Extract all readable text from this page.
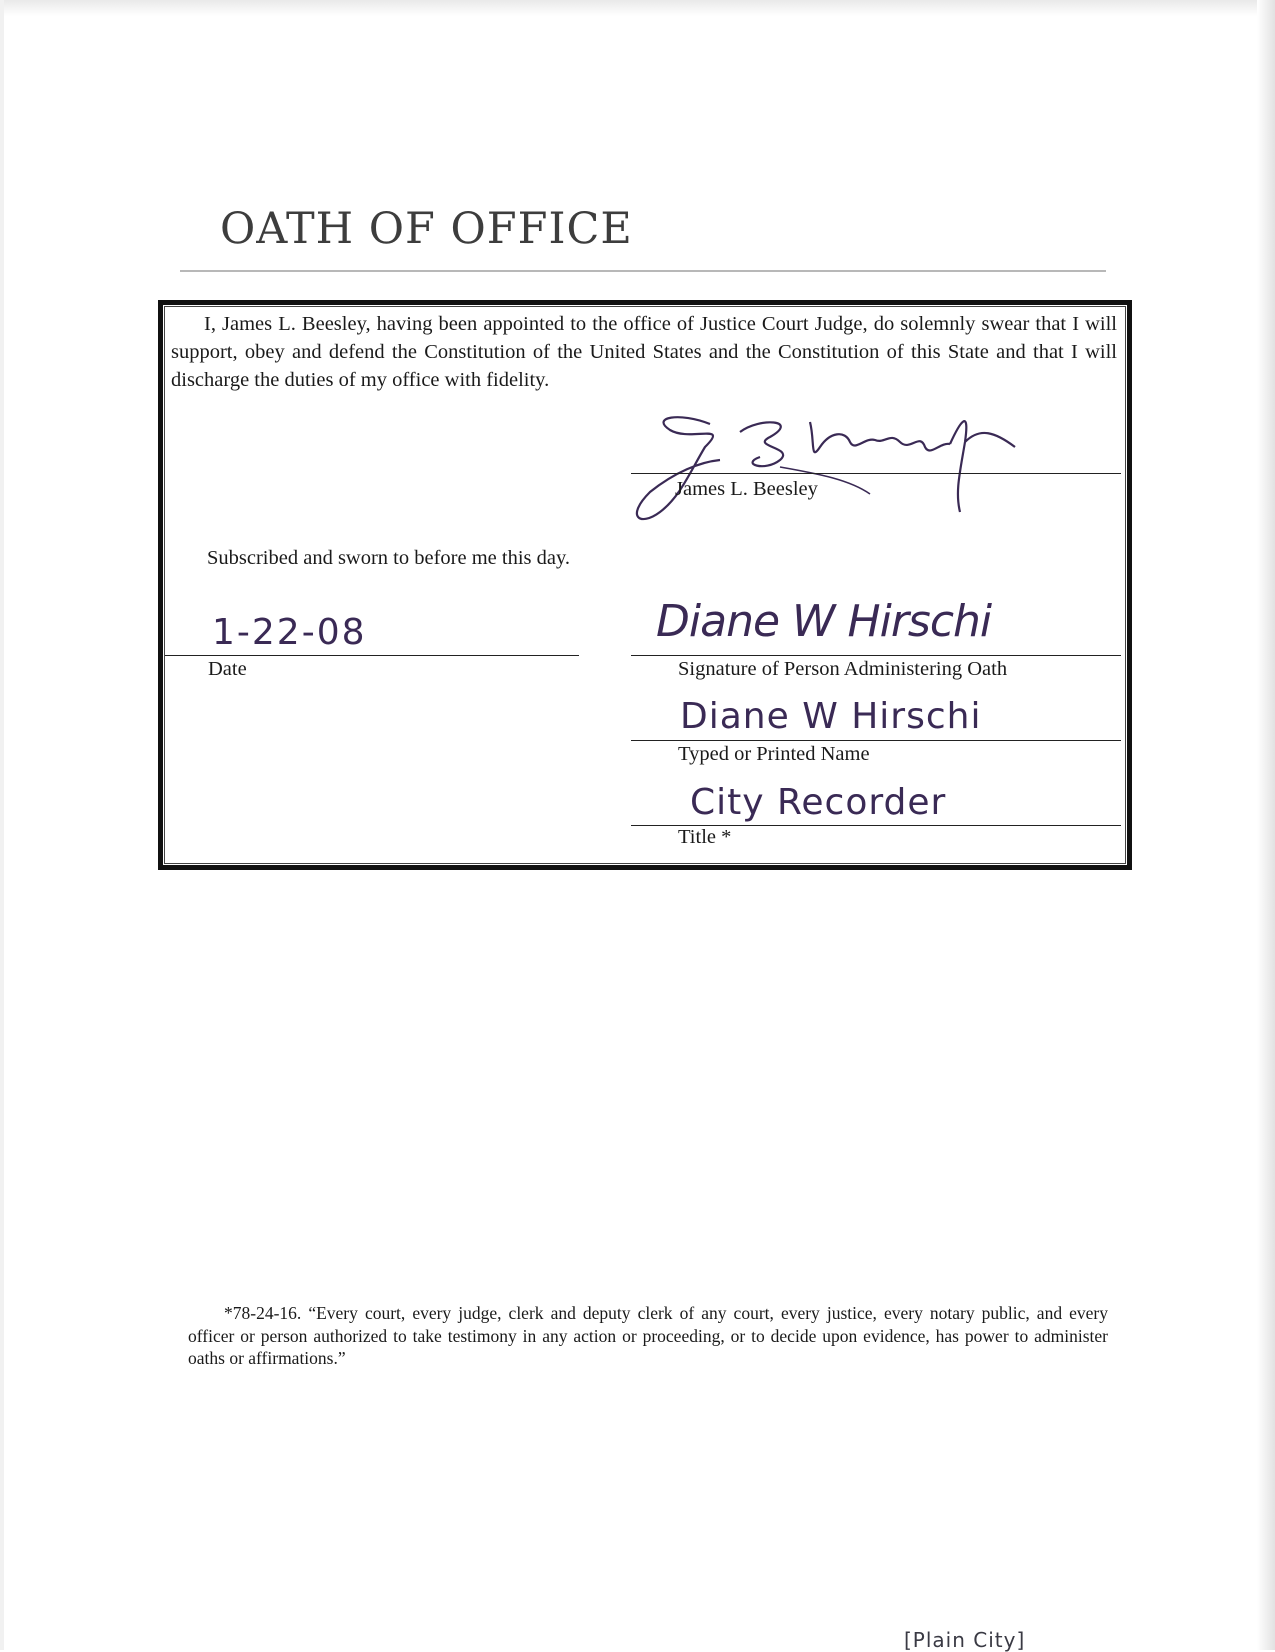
OATH OF OFFICE

I, James L. Beesley, having been appointed to the office of Justice Court Judge, do solemnly swear that I will support, obey and defend the Constitution of the United States and the Constitution of this State and that I will discharge the duties of my office with fidelity.

James L. Beesley
Subscribed and sworn to before me this day.
1-22-08
Date
Diane W Hirschi
Signature of Person Administering Oath
Diane W Hirschi
Typed or Printed Name
City Recorder
Title *

*78-24-16. “Every court, every judge, clerk and deputy clerk of any court, every justice, every notary public, and every officer or person authorized to take testimony in any action or proceeding, or to decide upon evidence, has power to administer oaths or affirmations.”

[Plain City]
